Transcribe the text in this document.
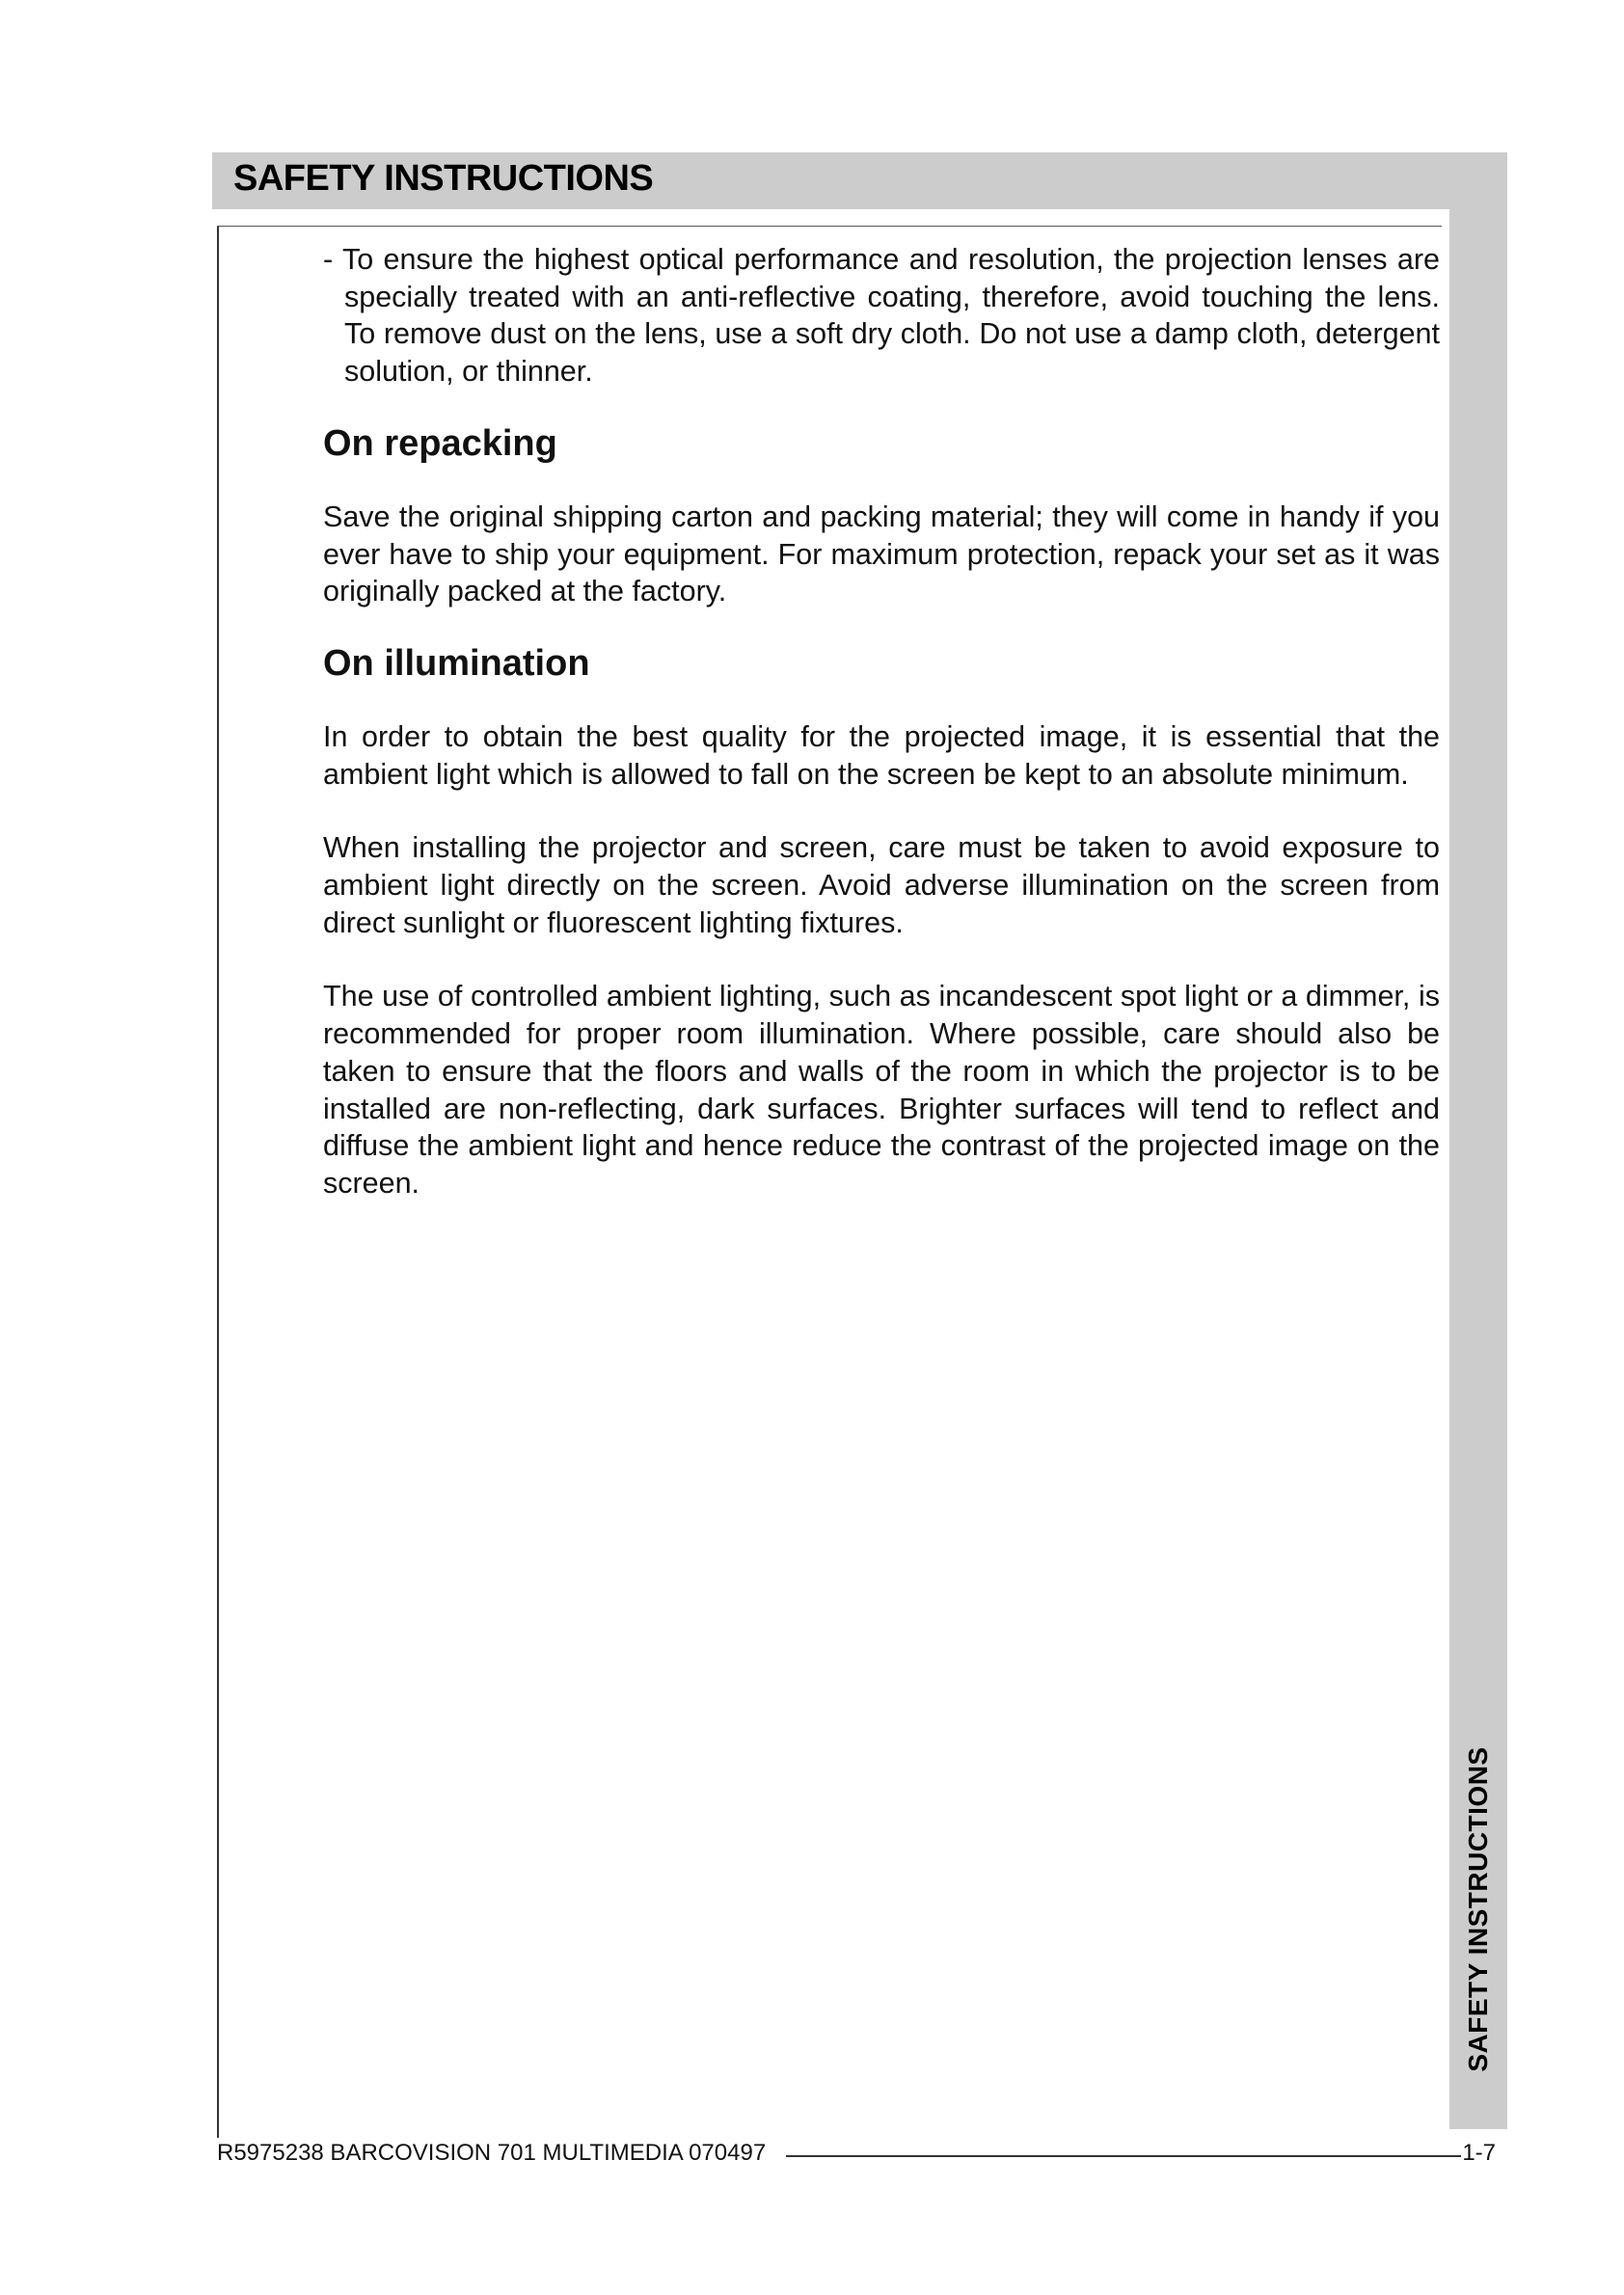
SAFETY INSTRUCTIONS
SAFETY INSTRUCTIONS

- To ensure the highest optical performance and resolution, the projection lenses are specially treated with an anti-reflective coating, therefore, avoid touching the lens. To remove dust on the lens, use a soft dry cloth. Do not use a damp cloth, detergent solution, or thinner.

On repacking

Save the original shipping carton and packing material; they will come in handy if you ever have to ship your equipment. For maximum protection, repack your set as it was originally packed at the factory.

On illumination

In order to obtain the best quality for the projected image, it is essential that the ambient light which is allowed to fall on the screen be kept to an absolute minimum.

When installing the projector and screen, care must be taken to avoid exposure to ambient light directly on the screen. Avoid adverse illumination on the screen from direct sunlight or fluorescent lighting fixtures.

The use of controlled ambient lighting, such as incandescent spot light or a dimmer, is recommended for proper room illumination. Where possible, care should also be taken to ensure that the floors and walls of the room in which the projector is to be installed are non-reflecting, dark surfaces. Brighter surfaces will tend to reflect and diffuse the ambient light and hence reduce the contrast of the projected image on the screen.

R5975238 BARCOVISION 701 MULTIMEDIA 070497	1-7
